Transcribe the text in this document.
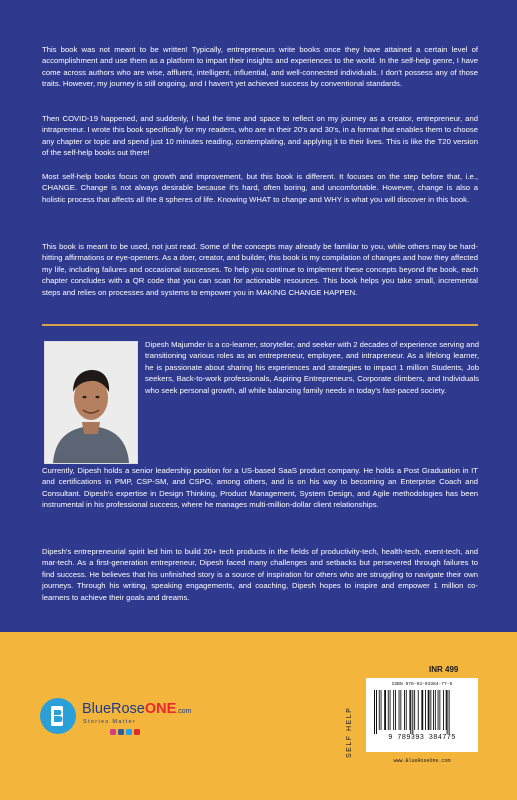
This book was not meant to be written! Typically, entrepreneurs write books once they have attained a certain level of accomplishment and use them as a platform to impart their insights and experiences to the world. In the self-help genre, I have come across authors who are wise, affluent, intelligent, influential, and well-connected individuals. I don't possess any of those traits. However, my journey is still ongoing, and I haven't yet achieved success by conventional standards.

Then COVID-19 happened, and suddenly, I had the time and space to reflect on my journey as a creator, entrepreneur, and intrapreneur. I wrote this book specifically for my readers, who are in their 20's and 30's, in a format that enables them to choose any chapter or topic and spend just 10 minutes reading, contemplating, and applying it to their lives. This is like the T20 version of the self-help books out there!

Most self-help books focus on growth and improvement, but this book is different. It focuses on the step before that, i.e., CHANGE. Change is not always desirable because it's hard, often boring, and uncomfortable. However, change is also a holistic process that affects all the 8 spheres of life. Knowing WHAT to change and WHY is what you will discover in this book.

This book is meant to be used, not just read. Some of the concepts may already be familiar to you, while others may be hard-hitting affirmations or eye-openers. As a doer, creator, and builder, this book is my compilation of changes and how they affected my life, including failures and occasional successes. To help you continue to implement these concepts beyond the book, each chapter concludes with a QR code that you can scan for actionable resources. This book helps you take small, incremental steps and relies on processes and systems to empower you in MAKING CHANGE HAPPEN.

Dipesh Majumder is a co-learner, storyteller, and seeker with 2 decades of experience serving and transitioning various roles as an entrepreneur, employee, and intrapreneur. As a lifelong learner, he is passionate about sharing his experiences and strategies to impact 1 million Students, Job seekers, Back-to-work professionals, Aspiring Entrepreneurs, Corporate climbers, and Individuals who seek personal growth, all while balancing family needs in today's fast-paced society.

Currently, Dipesh holds a senior leadership position for a US-based SaaS product company. He holds a Post Graduation in IT and certifications in PMP, CSP-SM, and CSPO, among others, and is on his way to becoming an Enterprise Coach and Consultant. Dipesh's expertise in Design Thinking, Product Management, System Design, and Agile methodologies has been instrumental in his professional success, where he manages multi-million-dollar client relationships.

Dipesh's entrepreneurial spirit led him to build 20+ tech products in the fields of productivity-tech, health-tech, event-tech, and mar-tech. As a first-generation entrepreneur, Dipesh faced many challenges and setbacks but persevered through failures to find success. He believes that his unfinished story is a source of inspiration for others who are struggling to navigate their own journeys. Through his writing, speaking engagements, and coaching, Dipesh hopes to inspire and empower 1 million co-learners to achieve their goals and dreams.

BlueRoseONE.com
Stories Matter
INR 499
SELF HELP
ISBN 978-93-93384-77-5
9 789393 384775
www.BlueRoseOne.com
